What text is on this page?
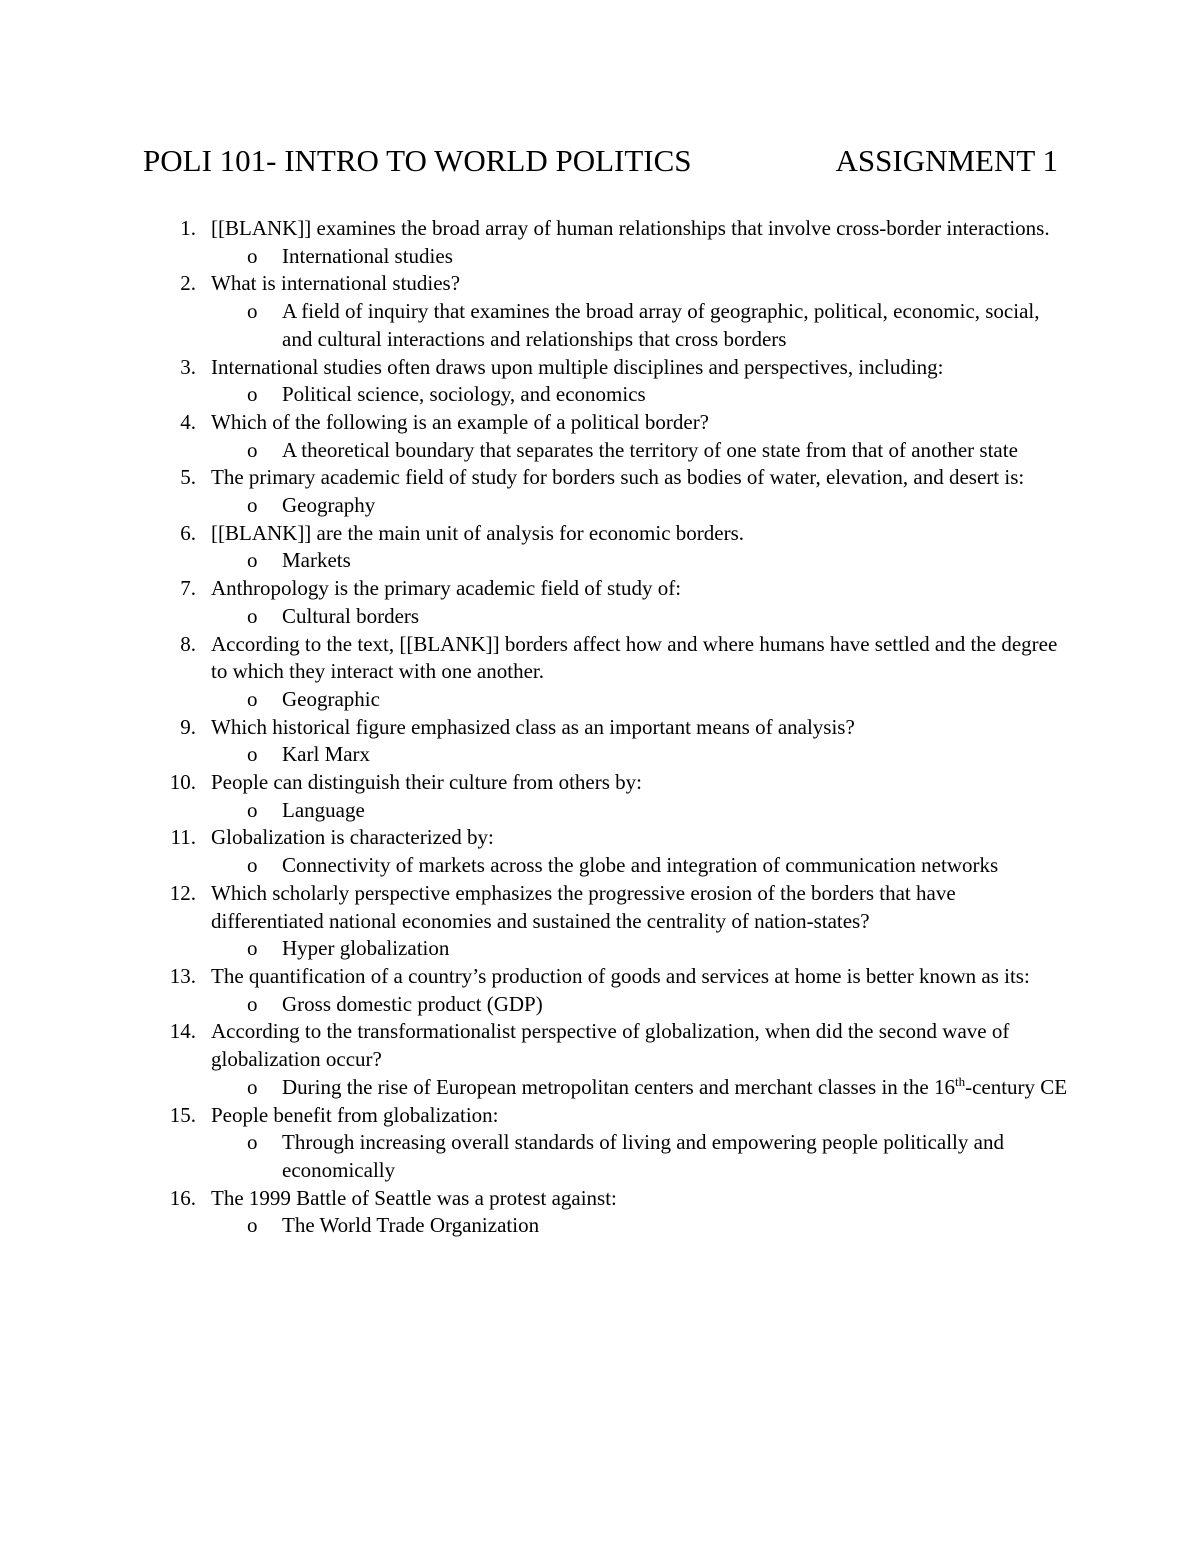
POLI 101- INTRO TO WORLD POLITICS	ASSIGNMENT 1
1. [[BLANK]] examines the broad array of human relationships that involve cross-border interactions.
o International studies
2. What is international studies?
o A field of inquiry that examines the broad array of geographic, political, economic, social, and cultural interactions and relationships that cross borders
3. International studies often draws upon multiple disciplines and perspectives, including:
o Political science, sociology, and economics
4. Which of the following is an example of a political border?
o A theoretical boundary that separates the territory of one state from that of another state
5. The primary academic field of study for borders such as bodies of water, elevation, and desert is:
o Geography
6. [[BLANK]] are the main unit of analysis for economic borders.
o Markets
7. Anthropology is the primary academic field of study of:
o Cultural borders
8. According to the text, [[BLANK]] borders affect how and where humans have settled and the degree to which they interact with one another.
o Geographic
9. Which historical figure emphasized class as an important means of analysis?
o Karl Marx
10. People can distinguish their culture from others by:
o Language
11. Globalization is characterized by:
o Connectivity of markets across the globe and integration of communication networks
12. Which scholarly perspective emphasizes the progressive erosion of the borders that have differentiated national economies and sustained the centrality of nation-states?
o Hyper globalization
13. The quantification of a country’s production of goods and services at home is better known as its:
o Gross domestic product (GDP)
14. According to the transformationalist perspective of globalization, when did the second wave of globalization occur?
o During the rise of European metropolitan centers and merchant classes in the 16th-century CE
15. People benefit from globalization:
o Through increasing overall standards of living and empowering people politically and economically
16. The 1999 Battle of Seattle was a protest against:
o The World Trade Organization
